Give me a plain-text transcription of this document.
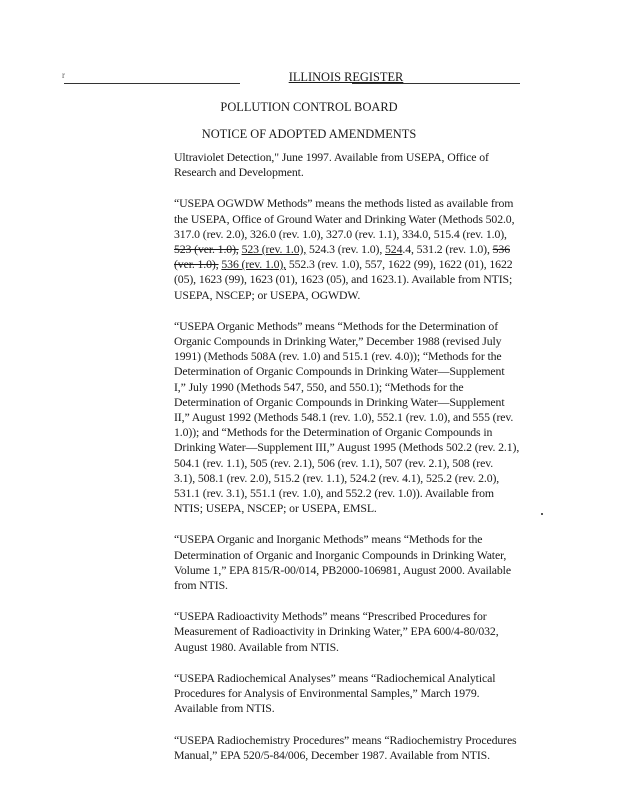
r	ILLINOIS REGISTER
POLLUTION CONTROL BOARD
NOTICE OF ADOPTED AMENDMENTS

Ultraviolet Detection," June 1997. Available from USEPA, Office of
Research and Development.

“USEPA OGWDW Methods” means the methods listed as available from
the USEPA, Office of Ground Water and Drinking Water (Methods 502.0,
317.0 (rev. 2.0), 326.0 (rev. 1.0), 327.0 (rev. 1.1), 334.0, 515.4 (rev. 1.0),
523 (ver. 1.0), 523 (rev. 1.0), 524.3 (rev. 1.0), 524.4, 531.2 (rev. 1.0), 536
(ver. 1.0), 536 (rev. 1.0), 552.3 (rev. 1.0), 557, 1622 (99), 1622 (01), 1622
(05), 1623 (99), 1623 (01), 1623 (05), and 1623.1). Available from NTIS;
USEPA, NSCEP; or USEPA, OGWDW.

“USEPA Organic Methods” means “Methods for the Determination of
Organic Compounds in Drinking Water,” December 1988 (revised July
1991) (Methods 508A (rev. 1.0) and 515.1 (rev. 4.0)); “Methods for the
Determination of Organic Compounds in Drinking Water—Supplement
I,” July 1990 (Methods 547, 550, and 550.1); “Methods for the
Determination of Organic Compounds in Drinking Water—Supplement
II,” August 1992 (Methods 548.1 (rev. 1.0), 552.1 (rev. 1.0), and 555 (rev.
1.0)); and “Methods for the Determination of Organic Compounds in
Drinking Water—Supplement III,” August 1995 (Methods 502.2 (rev. 2.1),
504.1 (rev. 1.1), 505 (rev. 2.1), 506 (rev. 1.1), 507 (rev. 2.1), 508 (rev.
3.1), 508.1 (rev. 2.0), 515.2 (rev. 1.1), 524.2 (rev. 4.1), 525.2 (rev. 2.0),
531.1 (rev. 3.1), 551.1 (rev. 1.0), and 552.2 (rev. 1.0)). Available from
NTIS; USEPA, NSCEP; or USEPA, EMSL.

“USEPA Organic and Inorganic Methods” means “Methods for the
Determination of Organic and Inorganic Compounds in Drinking Water,
Volume 1,” EPA 815/R-00/014, PB2000-106981, August 2000. Available
from NTIS.

“USEPA Radioactivity Methods” means “Prescribed Procedures for
Measurement of Radioactivity in Drinking Water,” EPA 600/4-80/032,
August 1980. Available from NTIS.

“USEPA Radiochemical Analyses” means “Radiochemical Analytical
Procedures for Analysis of Environmental Samples,” March 1979.
Available from NTIS.

“USEPA Radiochemistry Procedures” means “Radiochemistry Procedures
Manual,” EPA 520/5-84/006, December 1987. Available from NTIS.
